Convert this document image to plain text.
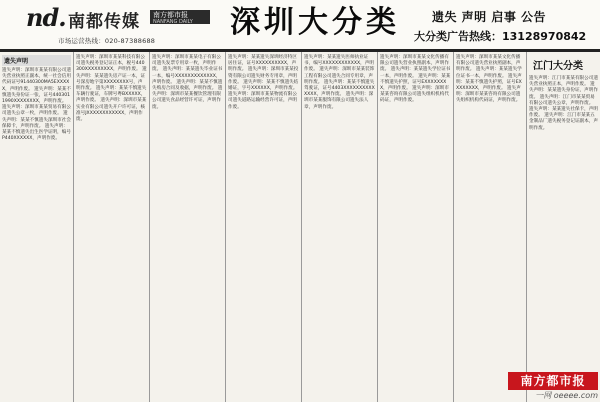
nd. 南都传媒	南方都市报
NANFANG DAILY
市场运营热线：020-87388688
深圳大分类	遗失 声明 启事 公告
大分类广告热线：13128970842
遗失声明

遗失声明：深圳市某某有限公司遗失营业执照正副本，统一社会信用代码证号91440300MA5EXXXXX，声明作废。 遗失声明：某某不慎遗失身份证一张，证号4403011990XXXXXXXX，声明作废。 遗失声明：深圳市某某贸易有限公司遗失公章一枚，声明作废。 遗失声明：某某不慎遗失深圳市社会保障卡，声明作废。 遗失声明：某某不慎遗失出生医学证明，编号P440XXXXXX，声明作废。

遗失声明：深圳市某某科技有限公司遗失税务登记证正本，税号440300XXXXXXXXX，声明作废。 遗失声明：某某遗失房产证一本，证号深房地字第XXXXXXXX号，声明作废。 遗失声明：某某不慎遗失车辆行驶证，车牌号粤BXXXXX，声明作废。 遗失声明：深圳市某某实业有限公司遗失开户许可证，核准号JXXXXXXXXXXXX，声明作废。

遗失声明：深圳市某某电子有限公司遗失发票专用章一枚，声明作废。 遗失声明：某某遗失毕业证书一本，编号XXXXXXXXXXXXX，声明作废。 遗失声明：某某不慎遗失购房合同及收据，声明作废。 遗失声明：深圳市某某餐饮管理有限公司遗失食品经营许可证，声明作废。

遗失声明：某某遗失深圳经济特区居住证，证号XXXXXXXXXX，声明作废。 遗失声明：深圳市某某投资有限公司遗失财务专用章，声明作废。 遗失声明：某某不慎遗失结婚证，字号XXXXXX，声明作废。 遗失声明：深圳市某某物流有限公司遗失道路运输经营许可证，声明作废。

遗失声明：某某遗失医师执业证书，编号XXXXXXXXXXXX，声明作废。 遗失声明：深圳市某某装饰工程有限公司遗失合同专用章，声明作废。 遗失声明：某某不慎遗失驾驶证，证号4403XXXXXXXXXXXXXX，声明作废。 遗失声明：深圳市某某服饰有限公司遗失法人章，声明作废。

遗失声明：深圳市某某文化传播有限公司遗失营业执照副本，声明作废。 遗失声明：某某遗失学位证书一本，声明作废。 遗失声明：某某不慎遗失护照，证号EXXXXXXXX，声明作废。 遗失声明：深圳市某某咨询有限公司遗失组织机构代码证，声明作废。

遗失声明：深圳市某某文化传播有限公司遗失营业执照副本，声明作废。 遗失声明：某某遗失学位证书一本，声明作废。 遗失声明：某某不慎遗失护照，证号EXXXXXXXX，声明作废。 遗失声明：深圳市某某咨询有限公司遗失组织机构代码证，声明作废。

江门大分类

遗失声明：江门市某某有限公司遗失营业执照正本，声明作废。 遗失声明：某某遗失身份证，声明作废。 遗失声明：江门市某某贸易有限公司遗失公章，声明作废。 遗失声明：某某遗失社保卡，声明作废。 遗失声明：江门市某某五金制品厂遗失税务登记证副本，声明作废。

南方都市报
一网 oeeee.com
